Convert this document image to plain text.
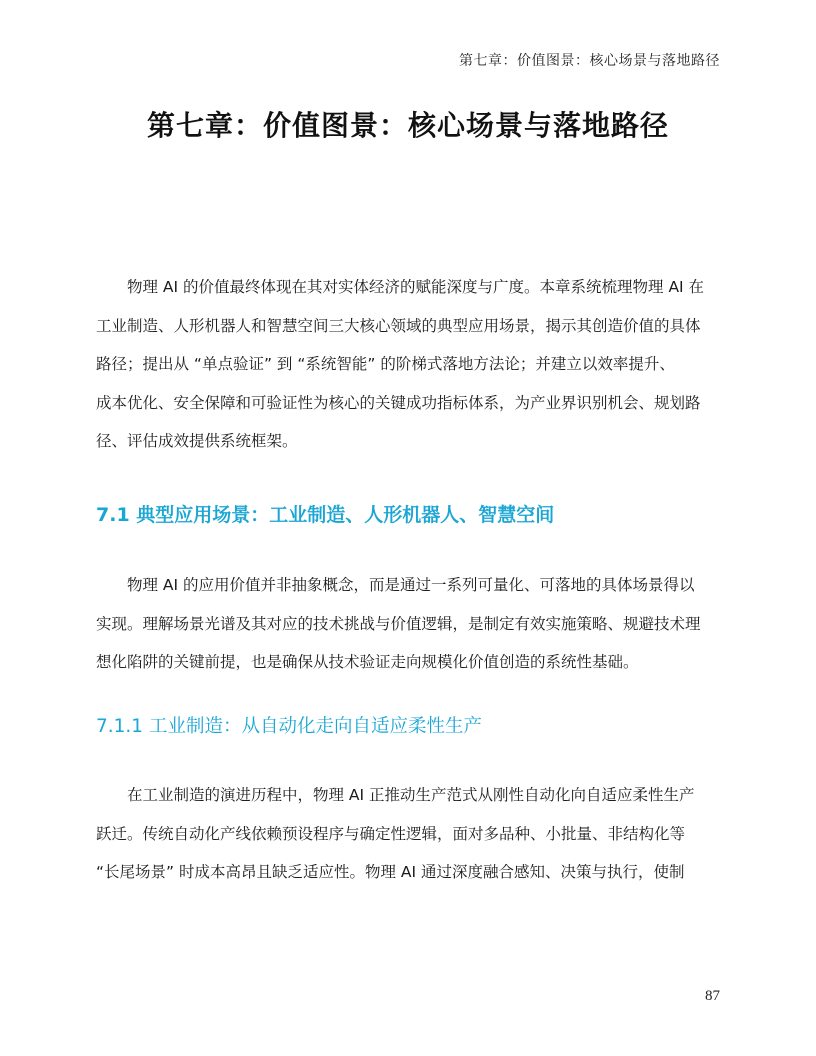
第七章：价值图景：核心场景与落地路径
第七章：价值图景：核心场景与落地路径
物理 AI 的价值最终体现在其对实体经济的赋能深度与广度。本章系统梳理物理 AI 在
工业制造、人形机器人和智慧空间三大核心领域的典型应用场景，揭示其创造价值的具体
路径；提出从 “单点验证” 到 “系统智能” 的阶梯式落地方法论；并建立以效率提升、
成本优化、安全保障和可验证性为核心的关键成功指标体系，为产业界识别机会、规划路
径、评估成效提供系统框架。
7.1 典型应用场景：工业制造、人形机器人、智慧空间
物理 AI 的应用价值并非抽象概念，而是通过一系列可量化、可落地的具体场景得以
实现。理解场景光谱及其对应的技术挑战与价值逻辑，是制定有效实施策略、规避技术理
想化陷阱的关键前提，也是确保从技术验证走向规模化价值创造的系统性基础。
7.1.1 工业制造：从自动化走向自适应柔性生产
在工业制造的演进历程中，物理 AI 正推动生产范式从刚性自动化向自适应柔性生产
跃迁。传统自动化产线依赖预设程序与确定性逻辑，面对多品种、小批量、非结构化等
“长尾场景” 时成本高昂且缺乏适应性。物理 AI 通过深度融合感知、决策与执行，使制
87
